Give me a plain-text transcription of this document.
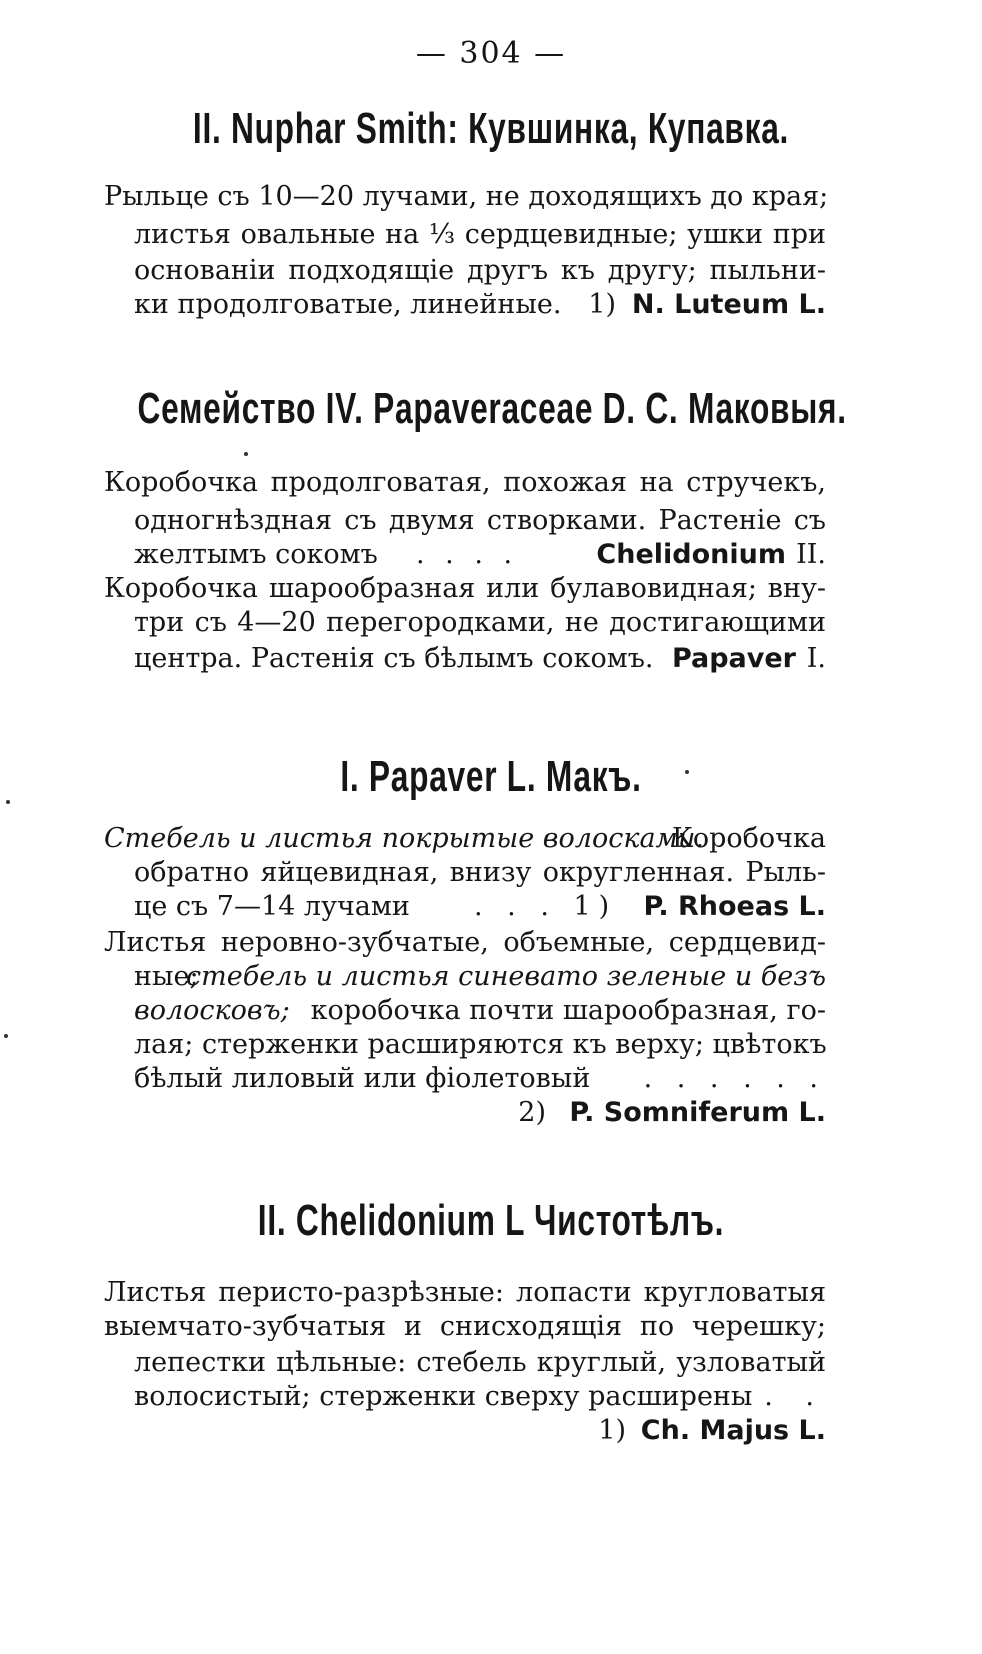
— 304 —
II. Nuphar Smith: Кувшинка, Купавка.
Рыльце съ 10—20 лучами, не доходящихъ до края;
листья овальные на ⅓ сердцевидные; ушки при
основаніи подходящіе другъ къ другу; пыльни-
ки продолговатые, линейные. 1) N. Luteum L.
Семейство IV. Papaveraceae D. C. Маковыя.
Коробочка продолговатая, похожая на стручекъ,
одногнѣздная съ двумя створками. Растеніе съ
желтымъ сокомъ . . . .	Chelidonium II.
Коробочка шарообразная или булавовидная; вну-
три съ 4—20 перегородками, не достигающими
центра. Растенія съ бѣлымъ сокомъ. Papaver I.
I. Papaver L. Макъ.
Стебель и листья покрытые волосками.
Коробочка
обратно яйцевидная, внизу округленная. Рыль-
це съ 7—14 лучами . . . 1) P. Rhoeas L.
Листья неровно-зубчатые, объемные, сердцевид-
ные;
стебель и листья синевато зеленые и безъ
волосковъ; коробочка почти шарообразная, го-
лая; стерженки расширяются къ верху; цвѣтокъ
бѣлый лиловый или фіолетовый . . . . . .
2) P. Somniferum L.
II. Chelidonium L Чистотѣлъ.
Листья перисто-разрѣзные: лопасти кругловатыя
выемчато-зубчатыя и снисходящія по черешку;
лепестки цѣльные: стебель круглый, узловатый
волосистый; стерженки сверху расширены . .
1) Ch. Majus L.
